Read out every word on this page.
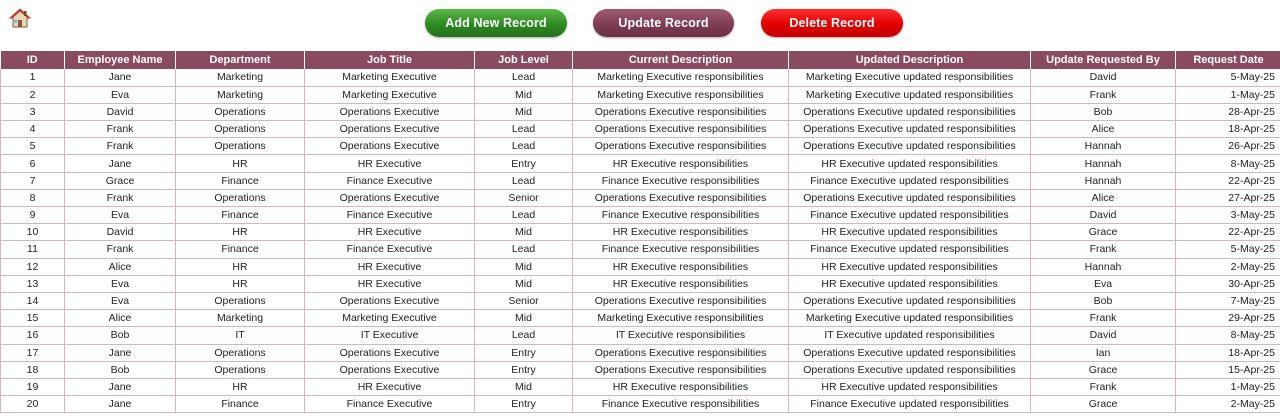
Add New Record	Update Record	Delete Record
ID	Employee Name	Department	Job Title	Job Level	Current Description	Updated Description	Update Requested By	Request Date
1	Jane	Marketing	Marketing Executive	Lead	Marketing Executive responsibilities	Marketing Executive updated responsibilities	David	5-May-25
2	Eva	Marketing	Marketing Executive	Mid	Marketing Executive responsibilities	Marketing Executive updated responsibilities	Frank	1-May-25
3	David	Operations	Operations Executive	Mid	Operations Executive responsibilities	Operations Executive updated responsibilities	Bob	28-Apr-25
4	Frank	Operations	Operations Executive	Lead	Operations Executive responsibilities	Operations Executive updated responsibilities	Alice	18-Apr-25
5	Frank	Operations	Operations Executive	Lead	Operations Executive responsibilities	Operations Executive updated responsibilities	Hannah	26-Apr-25
6	Jane	HR	HR Executive	Entry	HR Executive responsibilities	HR Executive updated responsibilities	Hannah	8-May-25
7	Grace	Finance	Finance Executive	Lead	Finance Executive responsibilities	Finance Executive updated responsibilities	Hannah	22-Apr-25
8	Frank	Operations	Operations Executive	Senior	Operations Executive responsibilities	Operations Executive updated responsibilities	Alice	27-Apr-25
9	Eva	Finance	Finance Executive	Lead	Finance Executive responsibilities	Finance Executive updated responsibilities	David	3-May-25
10	David	HR	HR Executive	Mid	HR Executive responsibilities	HR Executive updated responsibilities	Grace	22-Apr-25
11	Frank	Finance	Finance Executive	Lead	Finance Executive responsibilities	Finance Executive updated responsibilities	Frank	5-May-25
12	Alice	HR	HR Executive	Mid	HR Executive responsibilities	HR Executive updated responsibilities	Hannah	2-May-25
13	Eva	HR	HR Executive	Mid	HR Executive responsibilities	HR Executive updated responsibilities	Eva	30-Apr-25
14	Eva	Operations	Operations Executive	Senior	Operations Executive responsibilities	Operations Executive updated responsibilities	Bob	7-May-25
15	Alice	Marketing	Marketing Executive	Mid	Marketing Executive responsibilities	Marketing Executive updated responsibilities	Frank	29-Apr-25
16	Bob	IT	IT Executive	Lead	IT Executive responsibilities	IT Executive updated responsibilities	David	8-May-25
17	Jane	Operations	Operations Executive	Entry	Operations Executive responsibilities	Operations Executive updated responsibilities	Ian	18-Apr-25
18	Bob	Operations	Operations Executive	Entry	Operations Executive responsibilities	Operations Executive updated responsibilities	Grace	15-Apr-25
19	Jane	HR	HR Executive	Mid	HR Executive responsibilities	HR Executive updated responsibilities	Frank	1-May-25
20	Jane	Finance	Finance Executive	Entry	Finance Executive responsibilities	Finance Executive updated responsibilities	Grace	2-May-25
